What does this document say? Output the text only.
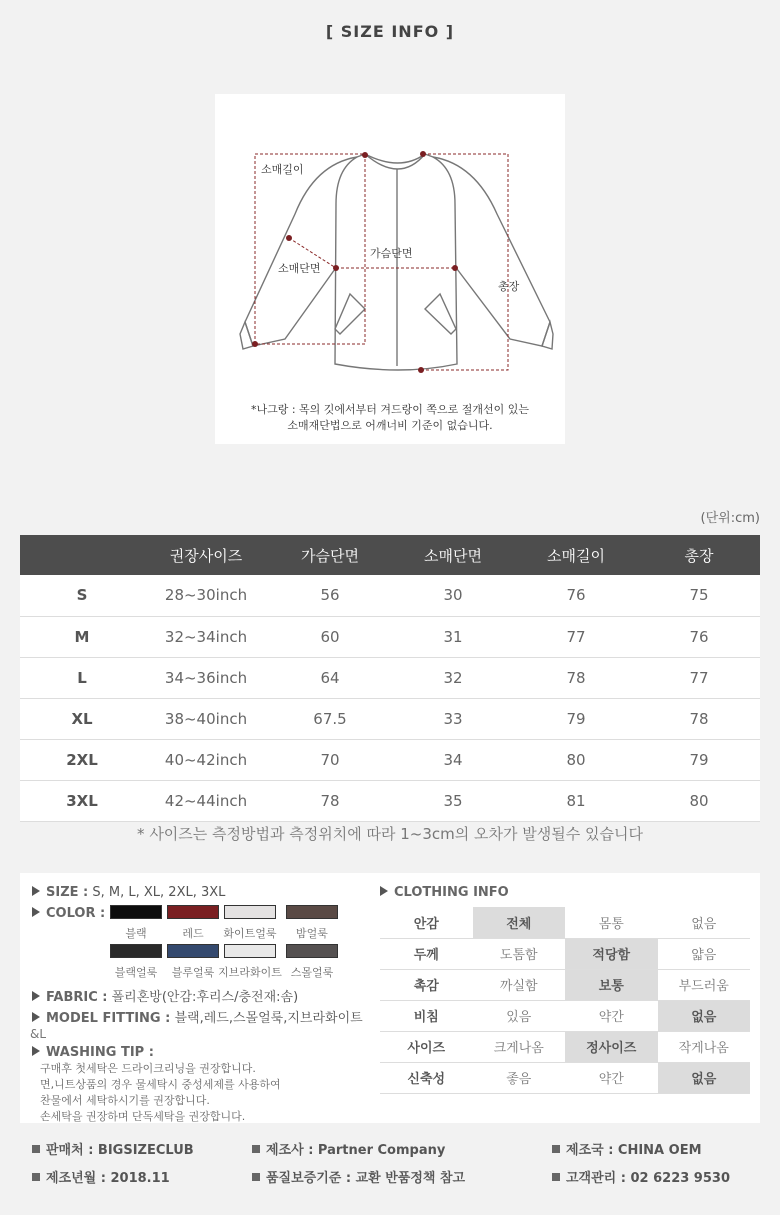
[ SIZE INFO ]
소매길이
가슴단면
소매단면
총장
*나그랑 : 목의 깃에서부터 겨드랑이 쪽으로 절개선이 있는
소매재단법으로 어깨너비 기준이 없습니다.
(단위:cm)
	권장사이즈	가슴단면	소매단면	소매길이	총장
S	28~30inch	56	30	76	75
M	32~34inch	60	31	77	76
L	34~36inch	64	32	78	77
XL	38~40inch	67.5	33	79	78
2XL	40~42inch	70	34	80	79
3XL	42~44inch	78	35	81	80
* 사이즈는 측정방법과 측정위치에 따라 1~3cm의 오차가 발생될수 있습니다
SIZE : S, M, L, XL, 2XL, 3XL
COLOR :
블랙	레드	화이트얼룩	밤얼룩
블랙얼룩	블루얼룩 지브라화이트 스몰얼룩
FABRIC : 폴리혼방(안감:후리스/충전재:솜)
MODEL FITTING : 블랙,레드,스몰얼룩,지브라화이트
&L
WASHING TIP :
구매후 첫세탁은 드라이크리닝을 권장합니다.
면,니트상품의 경우 물세탁시 중성세제를 사용하여
찬물에서 세탁하시기를 권장합니다.
손세탁을 권장하며 단독세탁을 권장합니다.
CLOTHING INFO
안감	전체	몸통	없음
두께	도톰함	적당함	얇음
촉감	까실함	보통	부드러움
비침	있음	약간	없음
사이즈	크게나옴	정사이즈	작게나옴
신축성	좋음	약간	없음
판매처 : BIGSIZECLUB	제조사 : Partner Company	제조국 : CHINA OEM
제조년월 : 2018.11	품질보증기준 : 교환 반품정책 참고	고객관리 : 02 6223 9530
